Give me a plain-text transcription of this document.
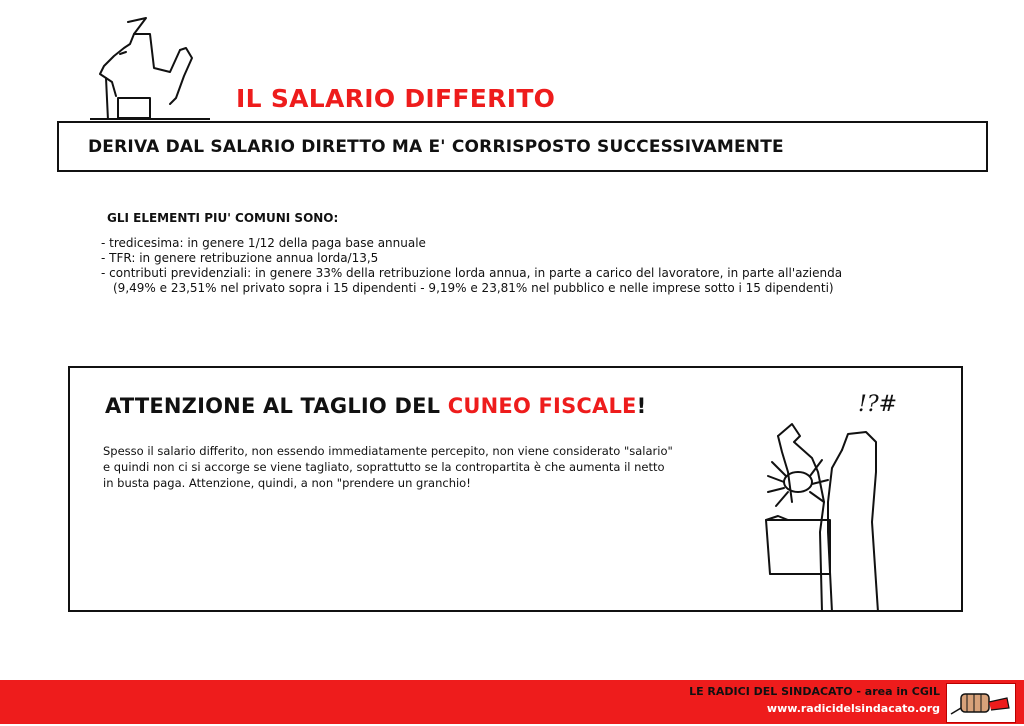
IL SALARIO DIFFERITO
DERIVA DAL SALARIO DIRETTO MA E' CORRISPOSTO SUCCESSIVAMENTE
GLI ELEMENTI PIU' COMUNI SONO:
- tredicesima: in genere 1/12 della paga base annuale
- TFR: in genere retribuzione annua lorda/13,5
- contributi previdenziali: in genere 33% della retribuzione lorda annua, in parte a carico del lavoratore, in parte all'azienda
(9,49% e 23,51% nel privato sopra i 15 dipendenti - 9,19% e 23,81% nel pubblico e nelle imprese sotto i 15 dipendenti)
ATTENZIONE AL TAGLIO DEL CUNEO FISCALE!

Spesso il salario differito, non essendo immediatamente percepito, non viene considerato "salario"
e quindi non ci si accorge se viene tagliato, soprattutto se la contropartita è che aumenta il netto
in busta paga. Attenzione, quindi, a non "prendere un granchio!

!?#
LE RADICI DEL SINDACATO - area in CGIL
www.radicidelsindacato.org
